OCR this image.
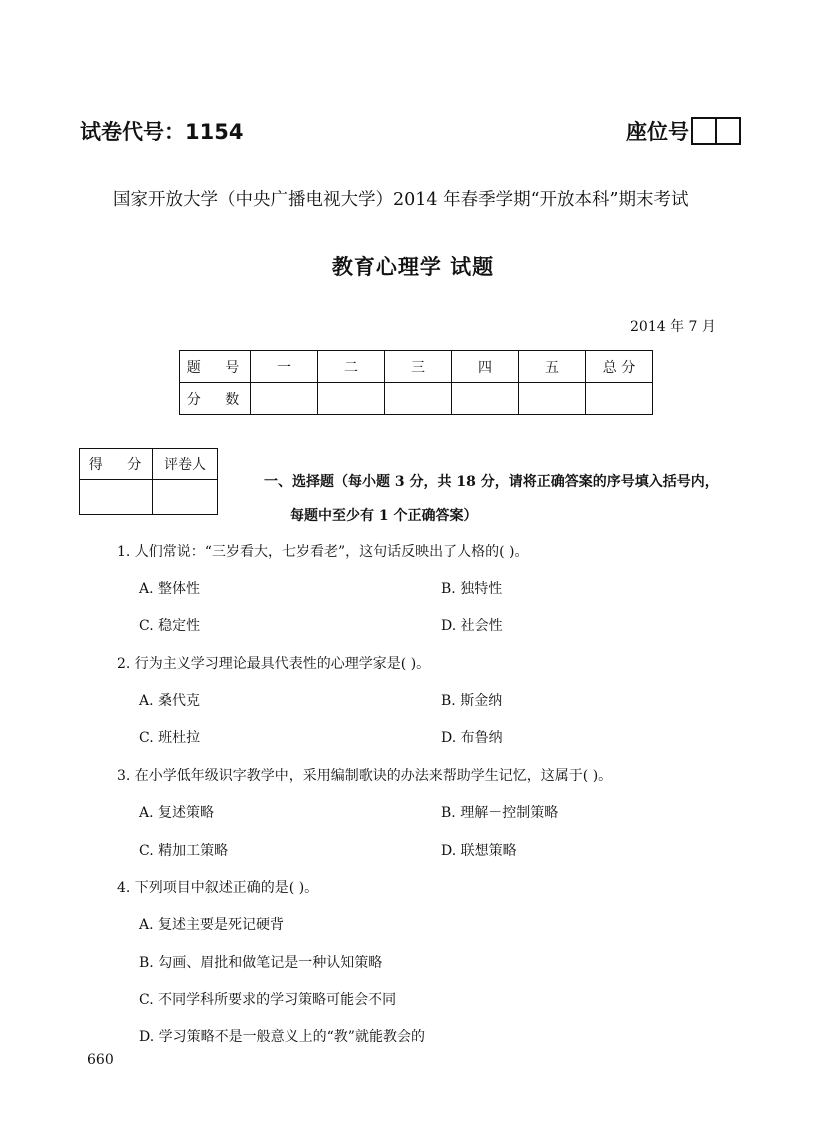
试卷代号：1154	座位号
国家开放大学（中央广播电视大学）2014 年春季学期“开放本科”期末考试
教育心理学 试题
2014 年 7 月
题 号	一	二	三	四	五	总 分
分 数						
得 分	评卷人

一、选择题（每小题 3 分，共 18 分，请将正确答案的序号填入括号内，
每题中至少有 1 个正确答案）
1. 人们常说：“三岁看大，七岁看老”，这句话反映出了人格的( )。
A. 整体性	B. 独特性
C. 稳定性	D. 社会性
2. 行为主义学习理论最具代表性的心理学家是( )。
A. 桑代克	B. 斯金纳
C. 班杜拉	D. 布鲁纳
3. 在小学低年级识字教学中，采用编制歌诀的办法来帮助学生记忆，这属于( )。
A. 复述策略	B. 理解－控制策略
C. 精加工策略	D. 联想策略
4. 下列项目中叙述正确的是( )。
A. 复述主要是死记硬背
B. 勾画、眉批和做笔记是一种认知策略
C. 不同学科所要求的学习策略可能会不同
D. 学习策略不是一般意义上的“教”就能教会的
660
